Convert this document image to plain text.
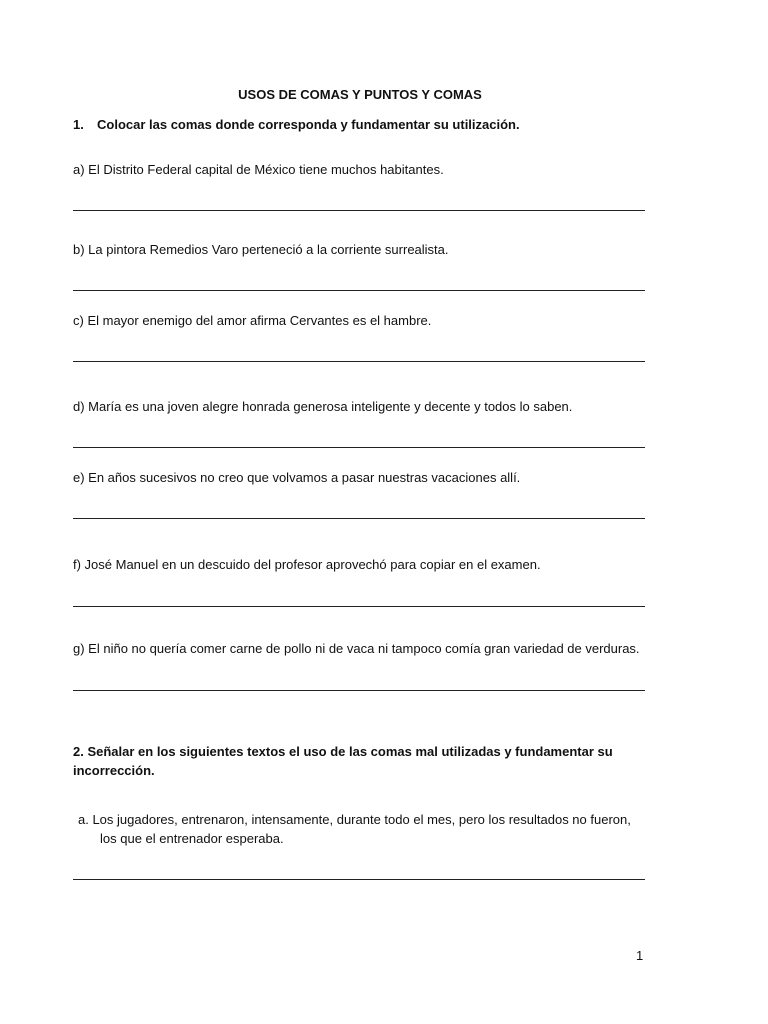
USOS DE COMAS Y PUNTOS Y COMAS
1. Colocar las comas donde corresponda y fundamentar su utilización.
a) El Distrito Federal capital de México tiene muchos habitantes.
b) La pintora Remedios Varo perteneció a la corriente surrealista.
c) El mayor enemigo del amor afirma Cervantes es el hambre.
d) María es una joven alegre honrada generosa inteligente y decente y todos lo saben.
e) En años sucesivos no creo que volvamos a pasar nuestras vacaciones allí.
f) José Manuel en un descuido del profesor aprovechó para copiar en el examen.
g) El niño no quería comer carne de pollo ni de vaca ni tampoco comía gran variedad de verduras.
2. Señalar en los siguientes textos el uso de las comas mal utilizadas y fundamentar su incorrección.
a. Los jugadores, entrenaron, intensamente, durante todo el mes, pero los resultados no fueron,
los que el entrenador esperaba.
1
